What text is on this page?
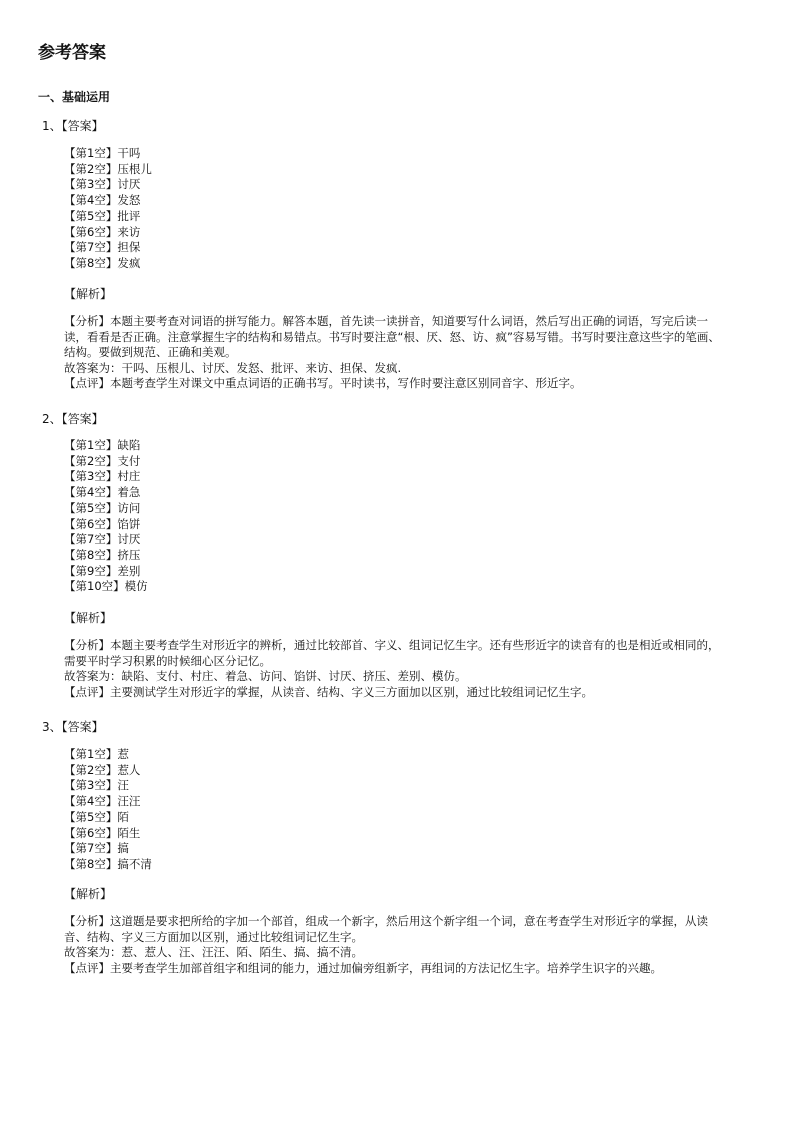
参考答案
一、基础运用
1、【答案】
【第1空】干吗
【第2空】压根儿
【第3空】讨厌
【第4空】发怒
【第5空】批评
【第6空】来访
【第7空】担保
【第8空】发疯
【解析】

【分析】本题主要考查对词语的拼写能力。解答本题，首先读一读拼音，知道要写什么词语，然后写出正确的词语，写完后读一读，看看是否正确。注意掌握生字的结构和易错点。书写时要注意“根、厌、怒、访、疯”容易写错。书写时要注意这些字的笔画、结构。要做到规范、正确和美观。

故答案为：干吗、压根儿、讨厌、发怒、批评、来访、担保、发疯.

【点评】本题考查学生对课文中重点词语的正确书写。平时读书，写作时要注意区别同音字、形近字。

2、【答案】
【第1空】缺陷
【第2空】支付
【第3空】村庄
【第4空】着急
【第5空】访问
【第6空】馅饼
【第7空】讨厌
【第8空】挤压
【第9空】差别
【第10空】模仿
【解析】

【分析】本题主要考查学生对形近字的辨析，通过比较部首、字义、组词记忆生字。还有些形近字的读音有的也是相近或相同的，需要平时学习积累的时候细心区分记忆。

故答案为：缺陷、支付、村庄、着急、访问、馅饼、讨厌、挤压、差别、模仿。

【点评】主要测试学生对形近字的掌握，从读音、结构、字义三方面加以区别，通过比较组词记忆生字。

3、【答案】
【第1空】惹
【第2空】惹人
【第3空】汪
【第4空】汪汪
【第5空】陌
【第6空】陌生
【第7空】搞
【第8空】搞不清
【解析】

【分析】这道题是要求把所给的字加一个部首，组成一个新字，然后用这个新字组一个词，意在考查学生对形近字的掌握，从读音、结构、字义三方面加以区别，通过比较组词记忆生字。

故答案为：惹、惹人、汪、汪汪、陌、陌生、搞、搞不清。

【点评】主要考查学生加部首组字和组词的能力，通过加偏旁组新字，再组词的方法记忆生字。培养学生识字的兴趣。
